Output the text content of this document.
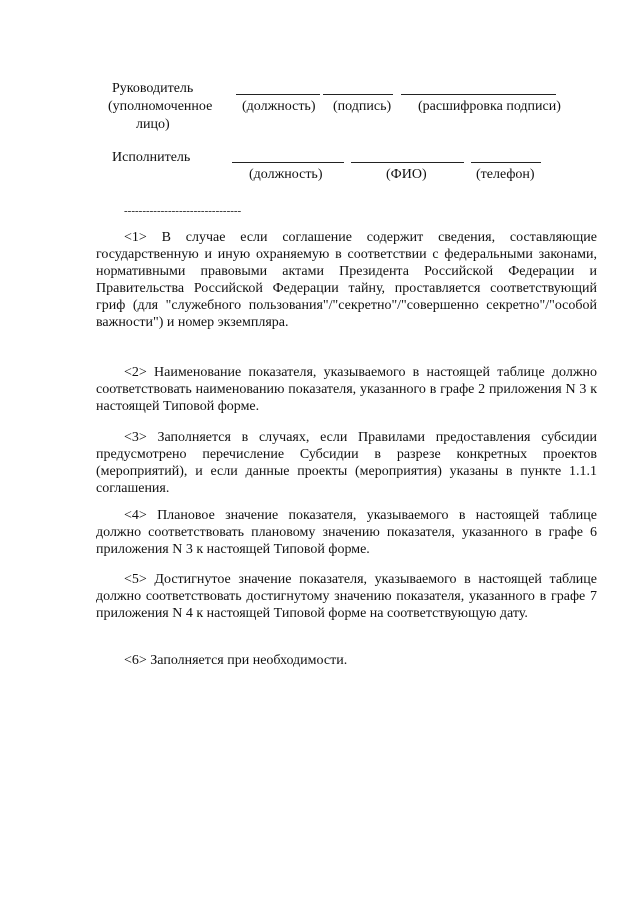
Руководитель
(уполномоченное
лицо)
(должность) (подпись) (расшифровка подписи)
Исполнитель
(должность)	(ФИО)	(телефон)
--------------------------------

<1> В случае если соглашение содержит сведения, составляющие государственную и иную охраняемую в соответствии с федеральными законами, нормативными правовыми актами Президента Российской Федерации и Правительства Российской Федерации тайну, проставляется соответствующий гриф (для "служебного пользования"/"секретно"/"совершенно секретно"/"особой важности") и номер экземпляра.

<2> Наименование показателя, указываемого в настоящей таблице должно соответствовать наименованию показателя, указанного в графе 2 приложения N 3 к настоящей Типовой форме.

<3> Заполняется в случаях, если Правилами предоставления субсидии предусмотрено перечисление Субсидии в разрезе конкретных проектов (мероприятий), и если данные проекты (мероприятия) указаны в пункте 1.1.1 соглашения.

<4> Плановое значение показателя, указываемого в настоящей таблице должно соответствовать плановому значению показателя, указанного в графе 6 приложения N 3 к настоящей Типовой форме.

<5> Достигнутое значение показателя, указываемого в настоящей таблице должно соответствовать достигнутому значению показателя, указанного в графе 7 приложения N 4 к настоящей Типовой форме на соответствующую дату.

<6> Заполняется при необходимости.
